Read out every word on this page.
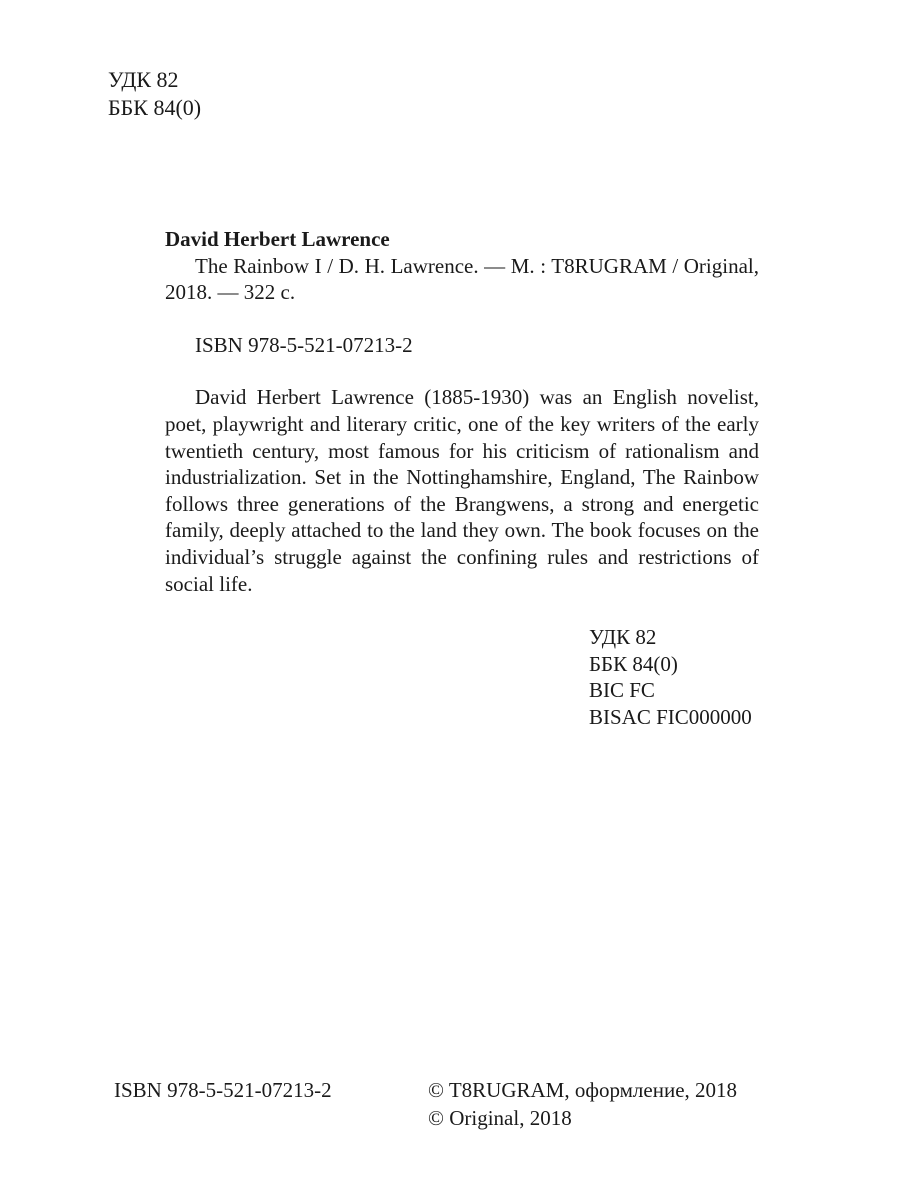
УДК 82
ББК 84(0)

David Herbert Lawrence

The Rainbow I / D. H. Lawrence. — M. : T8RUGRAM / Original, 2018. — 322 c.

ISBN 978-5-521-07213-2

David Herbert Lawrence (1885-1930) was an English novelist, poet, playwright and literary critic, one of the key writers of the early twentieth century, most famous for his criticism of rationalism and industrialization. Set in the Nottinghamshire, England, The Rainbow follows three generations of the Brangwens, a strong and energetic family, deeply attached to the land they own. The book focuses on the individual’s struggle against the confining rules and restrictions of social life.

УДК 82
ББК 84(0)
BIC FC
BISAC FIC000000
ISBN 978-5-521-07213-2	© T8RUGRAM, оформление, 2018
© Original, 2018
